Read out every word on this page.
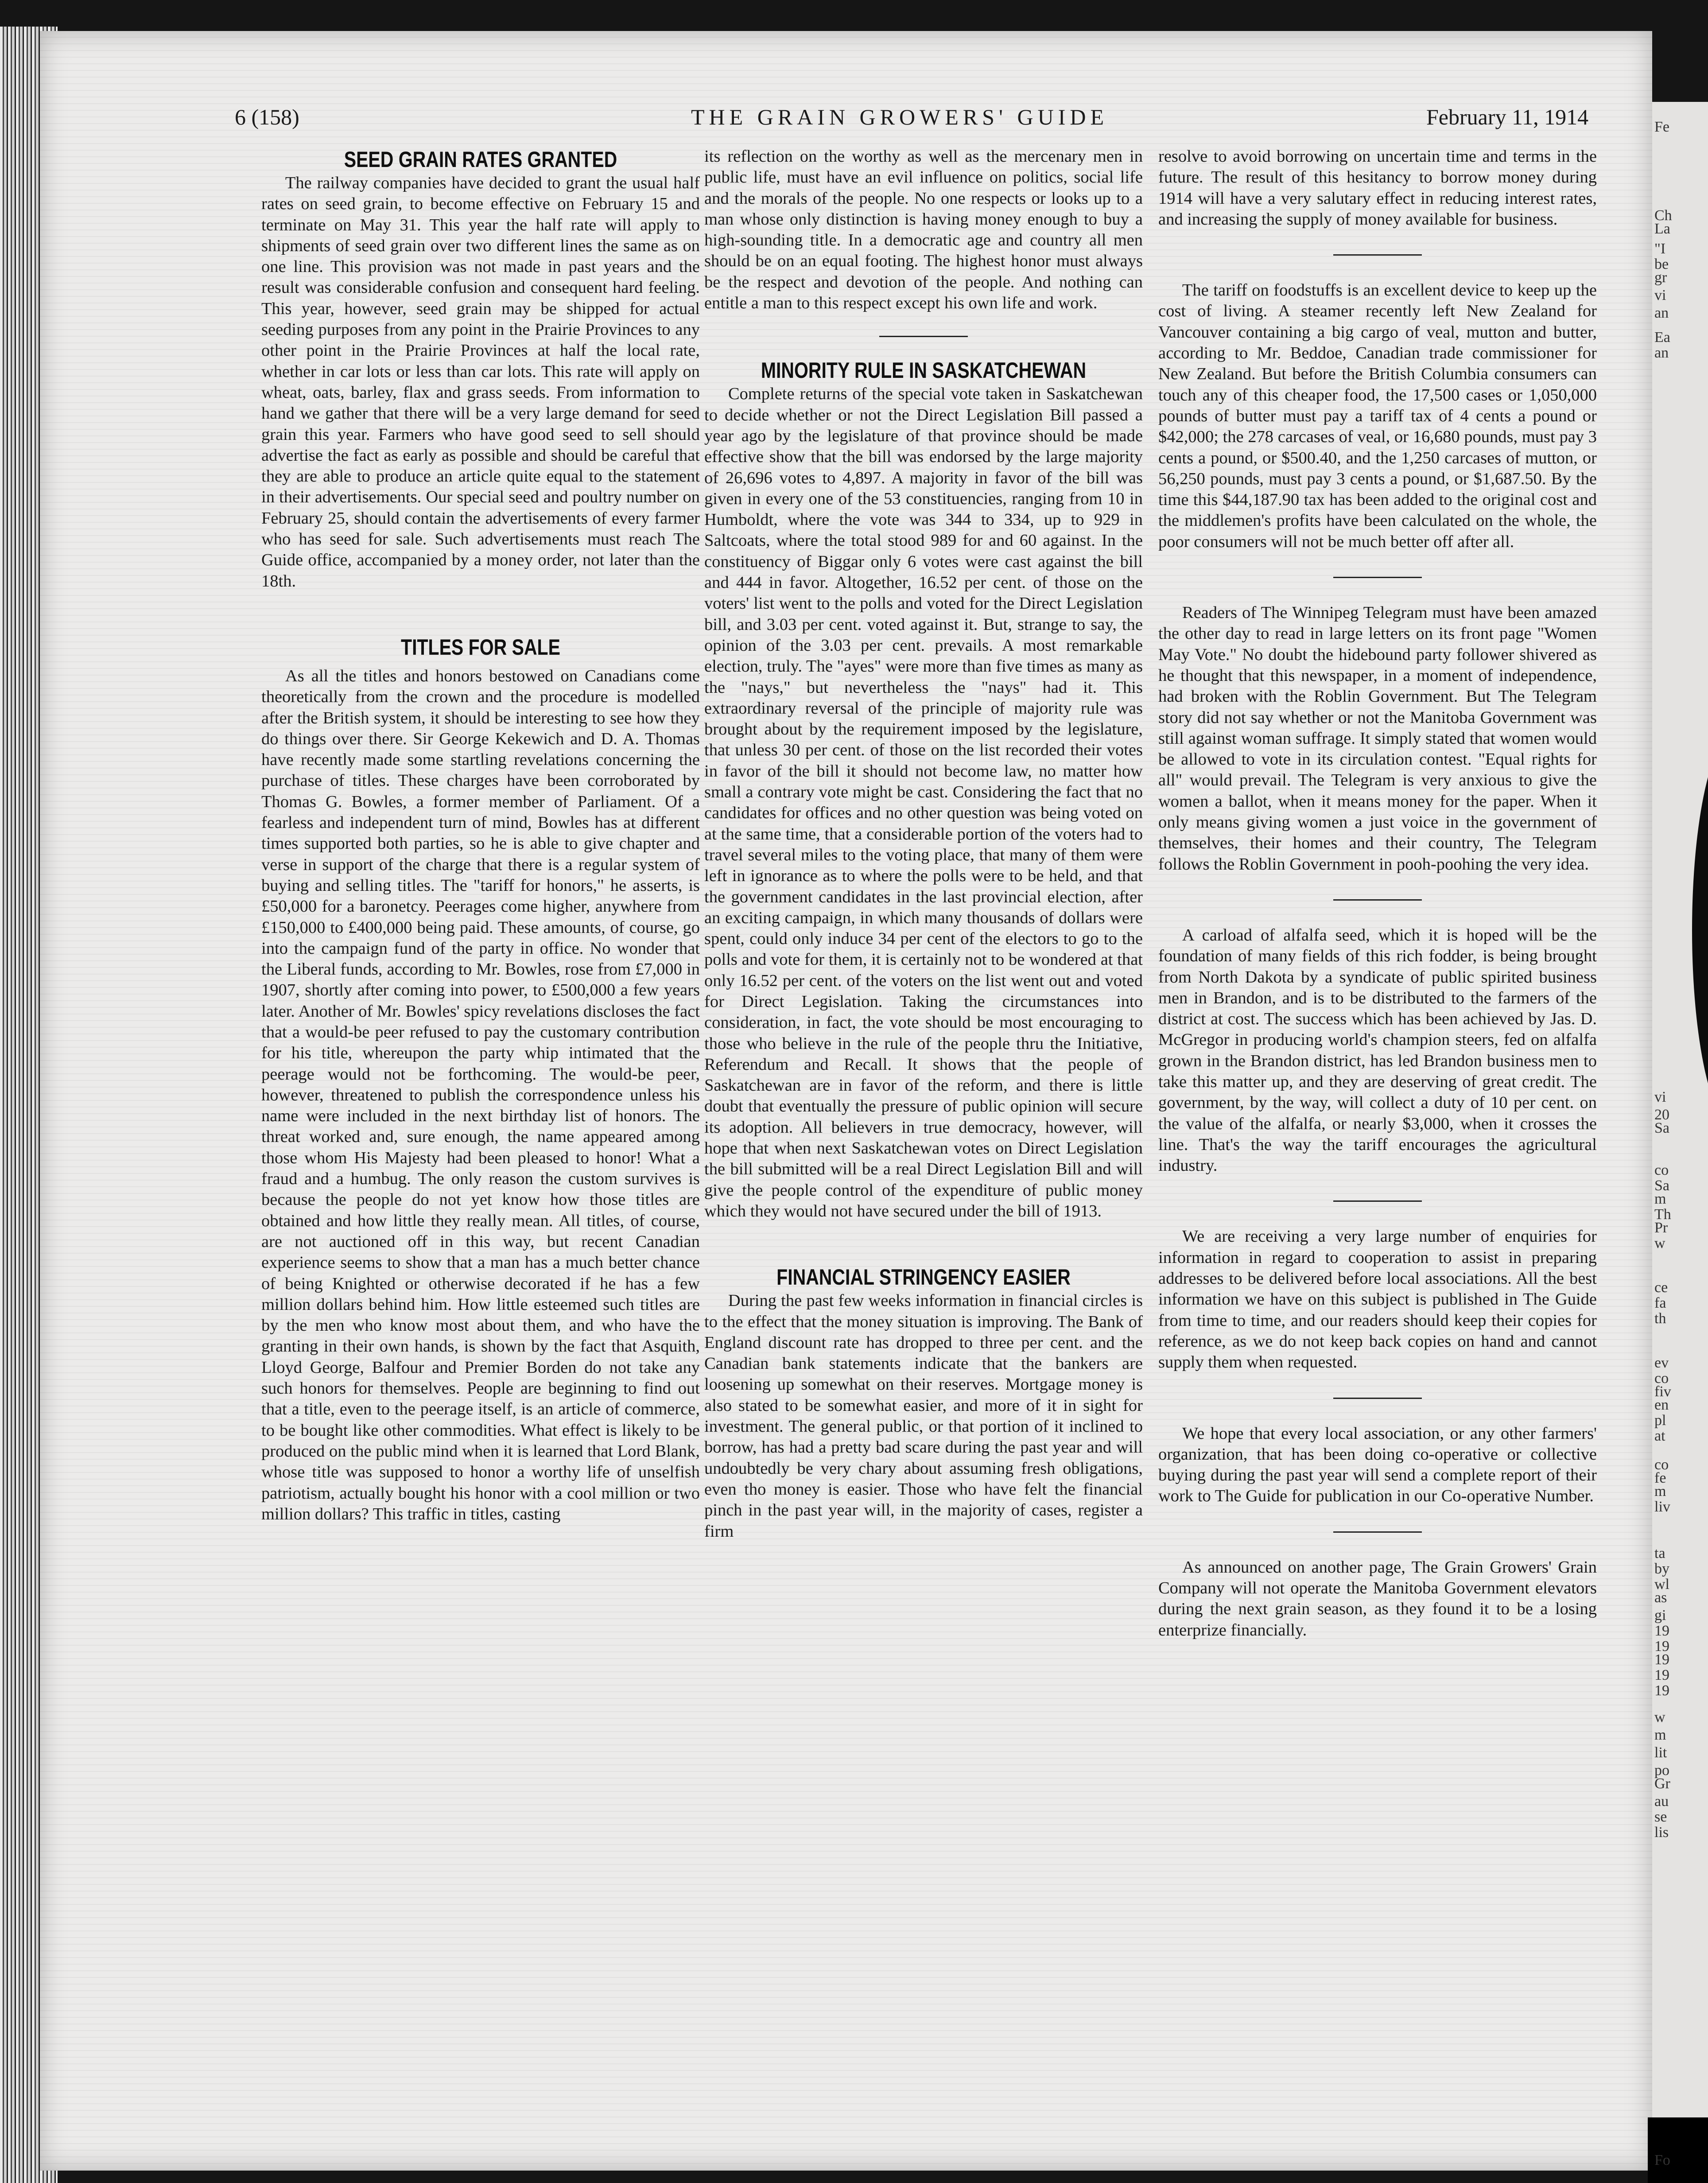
Fe
Ch
La
"I
be
gr
vi
an
Ea
an
vi
20
Sa
co
Sa
m
Th
Pr
w
ce
fa
th
ev
co
fiv
en
pl
at
co
fe
m
liv
ta
by
wl
as
gi
19
19
19
19
19
w
m
lit
po
Gr
au
se
lis
Fo
6 (158)	THE GRAIN GROWERS' GUIDE	February 11, 1914
SEED GRAIN RATES GRANTED

The railway companies have decided to grant the usual half rates on seed grain, to become effective on February 15 and terminate on May 31. This year the half rate will apply to shipments of seed grain over two different lines the same as on one line. This provision was not made in past years and the result was considerable confusion and consequent hard feeling. This year, however, seed grain may be shipped for actual seeding purposes from any point in the Prairie Provinces to any other point in the Prairie Provinces at half the local rate, whether in car lots or less than car lots. This rate will apply on wheat, oats, barley, flax and grass seeds. From information to hand we gather that there will be a very large demand for seed grain this year. Farmers who have good seed to sell should advertise the fact as early as possible and should be careful that they are able to produce an article quite equal to the statement in their advertisements. Our special seed and poultry number on February 25, should contain the advertisements of every farmer who has seed for sale. Such advertisements must reach The Guide office, accompanied by a money order, not later than the 18th.

TITLES FOR SALE

As all the titles and honors bestowed on Canadians come theoretically from the crown and the procedure is modelled after the British system, it should be interesting to see how they do things over there. Sir George Kekewich and D. A. Thomas have recently made some startling revelations concerning the purchase of titles. These charges have been corroborated by Thomas G. Bowles, a former member of Parliament. Of a fearless and independent turn of mind, Bowles has at different times supported both parties, so he is able to give chapter and verse in support of the charge that there is a regular system of buying and selling titles. The "tariff for honors," he asserts, is £50,000 for a baronetcy. Peerages come higher, anywhere from £150,000 to £400,000 being paid. These amounts, of course, go into the campaign fund of the party in office. No wonder that the Liberal funds, according to Mr. Bowles, rose from £7,000 in 1907, shortly after coming into power, to £500,000 a few years later. Another of Mr. Bowles' spicy revelations discloses the fact that a would-be peer refused to pay the customary contribution for his title, whereupon the party whip intimated that the peerage would not be forthcoming. The would-be peer, however, threatened to publish the correspondence unless his name were included in the next birthday list of honors. The threat worked and, sure enough, the name appeared among those whom His Majesty had been pleased to honor! What a fraud and a humbug. The only reason the custom survives is because the people do not yet know how those titles are obtained and how little they really mean. All titles, of course, are not auctioned off in this way, but recent Canadian experience seems to show that a man has a much better chance of being Knighted or otherwise decorated if he has a few million dollars behind him. How little esteemed such titles are by the men who know most about them, and who have the granting in their own hands, is shown by the fact that Asquith, Lloyd George, Balfour and Premier Borden do not take any such honors for themselves. People are beginning to find out that a title, even to the peerage itself, is an article of commerce, to be bought like other commodities. What effect is likely to be produced on the public mind when it is learned that Lord Blank, whose title was supposed to honor a worthy life of unselfish patriotism, actually bought his honor with a cool million or two million dollars? This traffic in titles, casting

its reflection on the worthy as well as the mercenary men in public life, must have an evil influence on politics, social life and the morals of the people. No one respects or looks up to a man whose only distinction is having money enough to buy a high-sounding title. In a democratic age and country all men should be on an equal footing. The highest honor must always be the respect and devotion of the people. And nothing can entitle a man to this respect except his own life and work.

MINORITY RULE IN SASKATCHEWAN

Complete returns of the special vote taken in Saskatchewan to decide whether or not the Direct Legislation Bill passed a year ago by the legislature of that province should be made effective show that the bill was endorsed by the large majority of 26,696 votes to 4,897. A majority in favor of the bill was given in every one of the 53 constituencies, ranging from 10 in Humboldt, where the vote was 344 to 334, up to 929 in Saltcoats, where the total stood 989 for and 60 against. In the constituency of Biggar only 6 votes were cast against the bill and 444 in favor. Altogether, 16.52 per cent. of those on the voters' list went to the polls and voted for the Direct Legislation bill, and 3.03 per cent. voted against it. But, strange to say, the opinion of the 3.03 per cent. prevails. A most remarkable election, truly. The "ayes" were more than five times as many as the "nays," but nevertheless the "nays" had it. This extraordinary reversal of the principle of majority rule was brought about by the requirement imposed by the legislature, that unless 30 per cent. of those on the list recorded their votes in favor of the bill it should not become law, no matter how small a contrary vote might be cast. Considering the fact that no candidates for offices and no other question was being voted on at the same time, that a considerable portion of the voters had to travel several miles to the voting place, that many of them were left in ignorance as to where the polls were to be held, and that the government candidates in the last provincial election, after an exciting campaign, in which many thousands of dollars were spent, could only induce 34 per cent of the electors to go to the polls and vote for them, it is certainly not to be wondered at that only 16.52 per cent. of the voters on the list went out and voted for Direct Legislation. Taking the circumstances into consideration, in fact, the vote should be most encouraging to those who believe in the rule of the people thru the Initiative, Referendum and Recall. It shows that the people of Saskatchewan are in favor of the reform, and there is little doubt that eventually the pressure of public opinion will secure its adoption. All believers in true democracy, however, will hope that when next Saskatchewan votes on Direct Legislation the bill submitted will be a real Direct Legislation Bill and will give the people control of the expenditure of public money which they would not have secured under the bill of 1913.

FINANCIAL STRINGENCY EASIER

During the past few weeks information in financial circles is to the effect that the money situation is improving. The Bank of England discount rate has dropped to three per cent. and the Canadian bank statements indicate that the bankers are loosening up somewhat on their reserves. Mortgage money is also stated to be somewhat easier, and more of it in sight for investment. The general public, or that portion of it inclined to borrow, has had a pretty bad scare during the past year and will undoubtedly be very chary about assuming fresh obligations, even tho money is easier. Those who have felt the financial pinch in the past year will, in the majority of cases, register a firm

resolve to avoid borrowing on uncertain time and terms in the future. The result of this hesitancy to borrow money during 1914 will have a very salutary effect in reducing interest rates, and increasing the supply of money available for business.

The tariff on foodstuffs is an excellent device to keep up the cost of living. A steamer recently left New Zealand for Vancouver containing a big cargo of veal, mutton and butter, according to Mr. Beddoe, Canadian trade commissioner for New Zealand. But before the British Columbia consumers can touch any of this cheaper food, the 17,500 cases or 1,050,000 pounds of butter must pay a tariff tax of 4 cents a pound or $42,000; the 278 carcases of veal, or 16,680 pounds, must pay 3 cents a pound, or $500.40, and the 1,250 carcases of mutton, or 56,250 pounds, must pay 3 cents a pound, or $1,687.50. By the time this $44,187.90 tax has been added to the original cost and the middlemen's profits have been calculated on the whole, the poor consumers will not be much better off after all.

Readers of The Winnipeg Telegram must have been amazed the other day to read in large letters on its front page "Women May Vote." No doubt the hidebound party follower shivered as he thought that this newspaper, in a moment of independence, had broken with the Roblin Government. But The Telegram story did not say whether or not the Manitoba Government was still against woman suffrage. It simply stated that women would be allowed to vote in its circulation contest. "Equal rights for all" would prevail. The Telegram is very anxious to give the women a ballot, when it means money for the paper. When it only means giving women a just voice in the government of themselves, their homes and their country, The Telegram follows the Roblin Government in pooh-poohing the very idea.

A carload of alfalfa seed, which it is hoped will be the foundation of many fields of this rich fodder, is being brought from North Dakota by a syndicate of public spirited business men in Brandon, and is to be distributed to the farmers of the district at cost. The success which has been achieved by Jas. D. McGregor in producing world's champion steers, fed on alfalfa grown in the Brandon district, has led Brandon business men to take this matter up, and they are deserving of great credit. The government, by the way, will collect a duty of 10 per cent. on the value of the alfalfa, or nearly $3,000, when it crosses the line. That's the way the tariff encourages the agricultural industry.

We are receiving a very large number of enquiries for information in regard to cooperation to assist in preparing addresses to be delivered before local associations. All the best information we have on this subject is published in The Guide from time to time, and our readers should keep their copies for reference, as we do not keep back copies on hand and cannot supply them when requested.

We hope that every local association, or any other farmers' organization, that has been doing co-operative or collective buying during the past year will send a complete report of their work to The Guide for publication in our Co-operative Number.

As announced on another page, The Grain Growers' Grain Company will not operate the Manitoba Government elevators during the next grain season, as they found it to be a losing enterprize financially.
